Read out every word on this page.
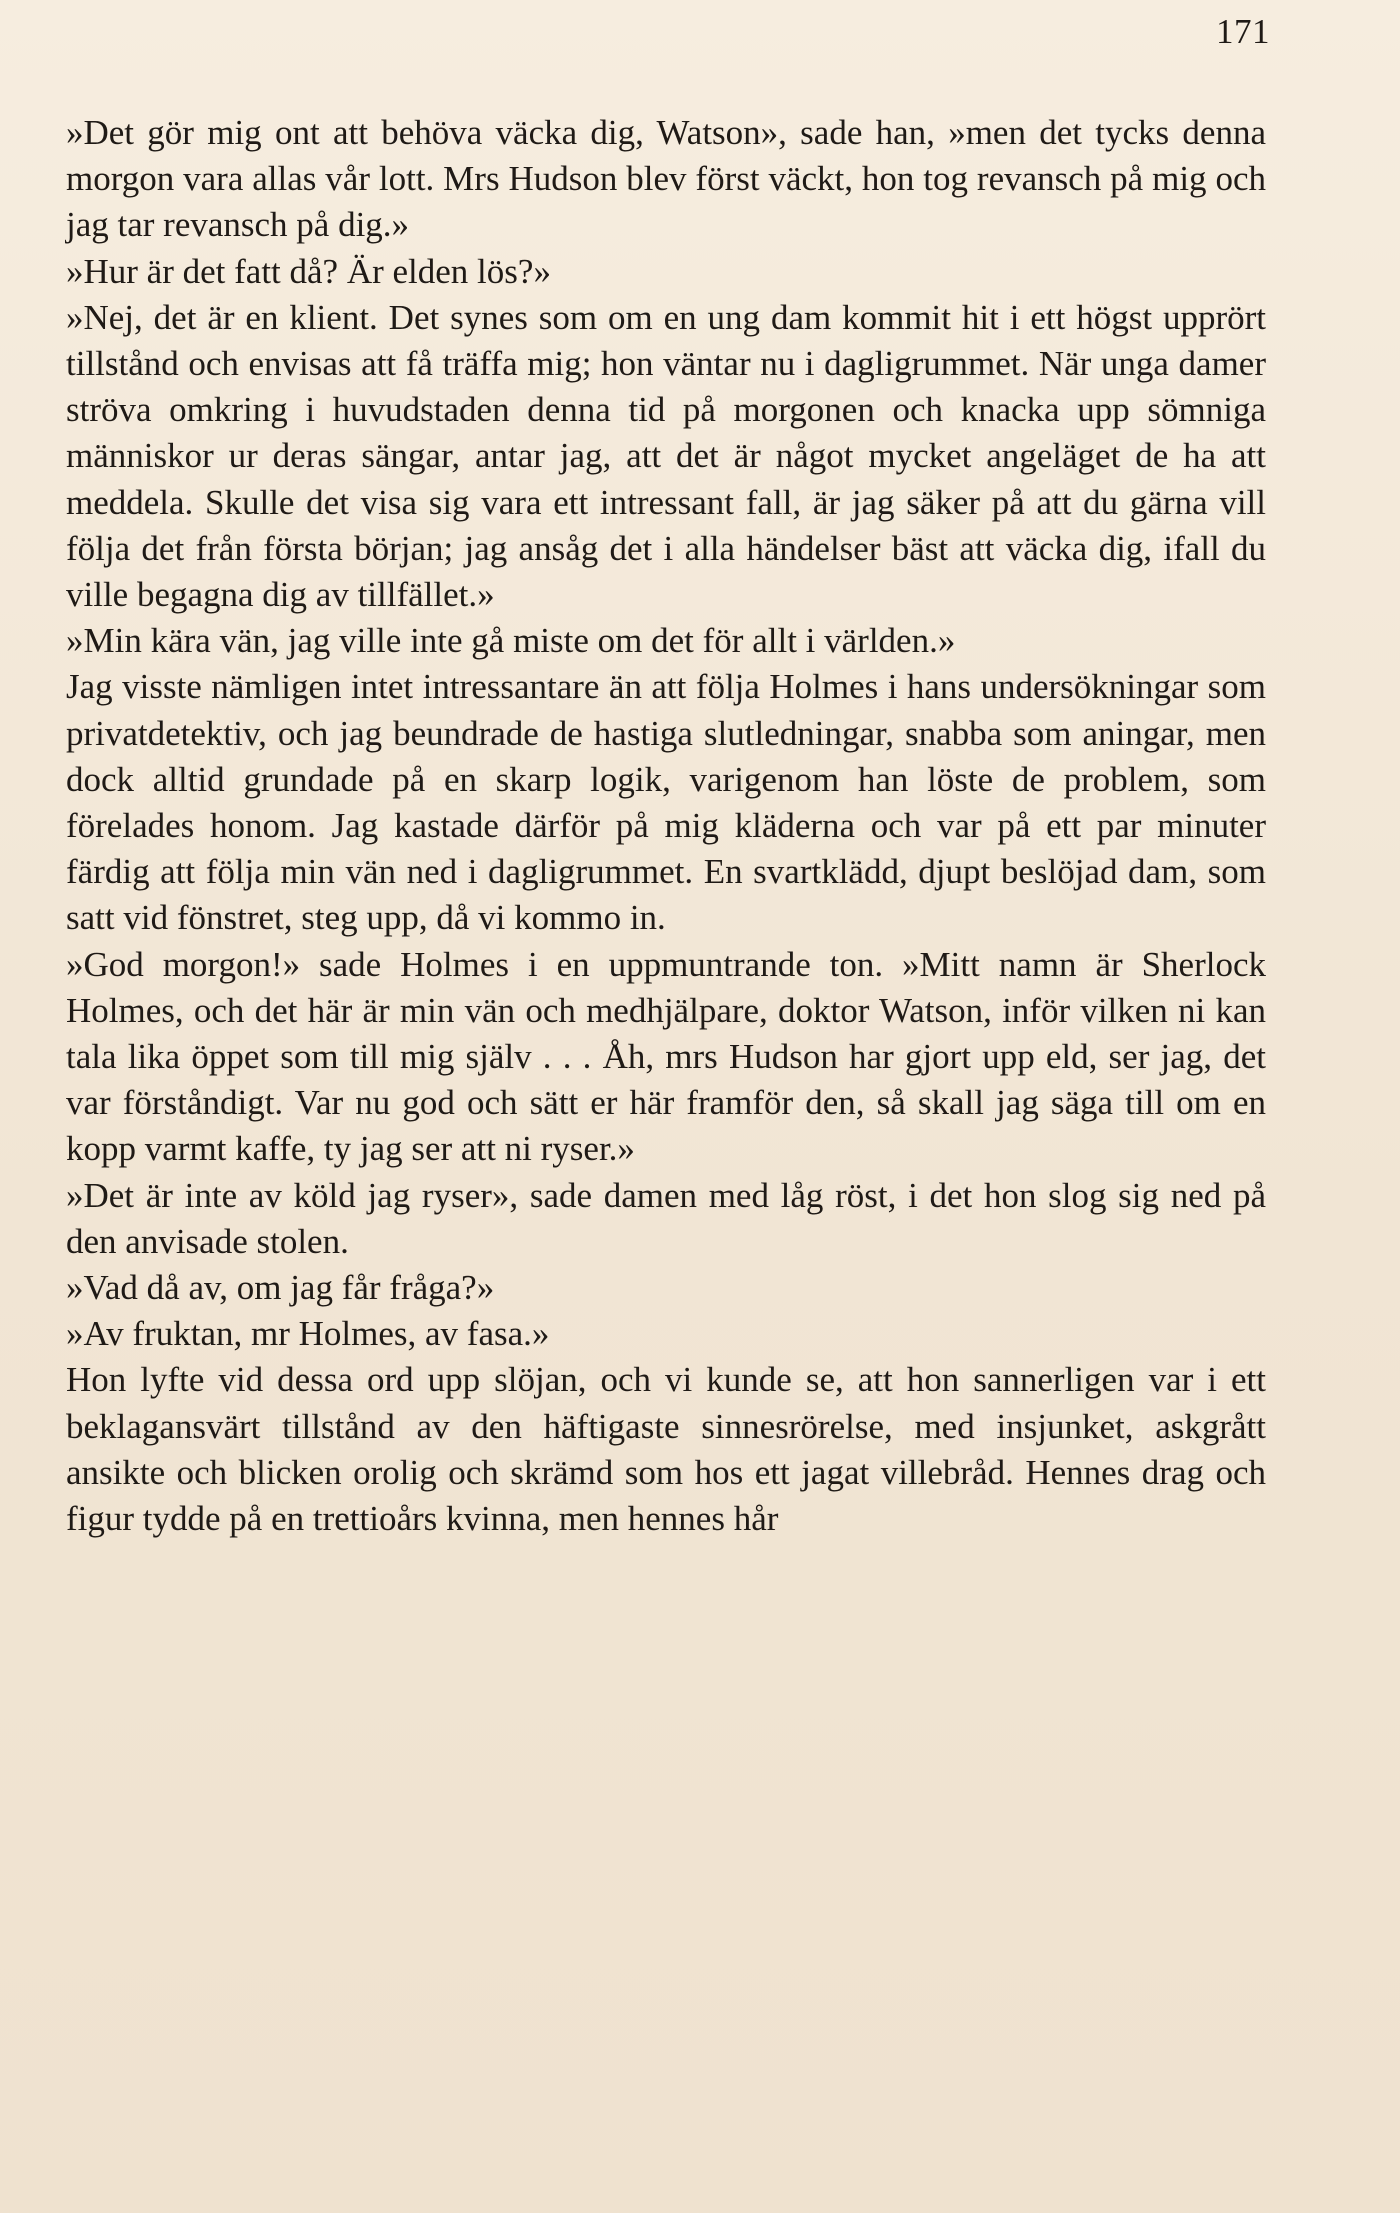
171

»Det gör mig ont att behöva väcka dig, Watson», sade han, »men det tycks denna morgon vara allas vår lott. Mrs Hudson blev först väckt, hon tog revansch på mig och jag tar revansch på dig.»

»Hur är det fatt då? Är elden lös?»

»Nej, det är en klient. Det synes som om en ung dam kommit hit i ett högst upprört tillstånd och envisas att få träffa mig; hon väntar nu i dagligrummet. När unga damer ströva omkring i huvudstaden denna tid på morgonen och knacka upp sömniga människor ur deras sängar, antar jag, att det är något mycket angeläget de ha att meddela. Skulle det visa sig vara ett intressant fall, är jag säker på att du gärna vill följa det från första början; jag ansåg det i alla händelser bäst att väcka dig, ifall du ville begagna dig av tillfället.»

»Min kära vän, jag ville inte gå miste om det för allt i världen.»

Jag visste nämligen intet intressantare än att följa Holmes i hans undersökningar som privatdetektiv, och jag beundrade de hastiga slutledningar, snabba som aningar, men dock alltid grundade på en skarp logik, varigenom han löste de problem, som förelades honom. Jag kastade därför på mig kläderna och var på ett par minuter färdig att följa min vän ned i dagligrummet. En svartklädd, djupt beslöjad dam, som satt vid fönstret, steg upp, då vi kommo in.

»God morgon!» sade Holmes i en uppmuntrande ton. »Mitt namn är Sherlock Holmes, och det här är min vän och medhjälpare, doktor Watson, inför vilken ni kan tala lika öppet som till mig själv . . . Åh, mrs Hudson har gjort upp eld, ser jag, det var förståndigt. Var nu god och sätt er här framför den, så skall jag säga till om en kopp varmt kaffe, ty jag ser att ni ryser.»

»Det är inte av köld jag ryser», sade damen med låg röst, i det hon slog sig ned på den anvisade stolen.

»Vad då av, om jag får fråga?»

»Av fruktan, mr Holmes, av fasa.»

Hon lyfte vid dessa ord upp slöjan, och vi kunde se, att hon sannerligen var i ett beklagansvärt tillstånd av den häftigaste sinnesrörelse, med insjunket, askgrått ansikte och blicken orolig och skrämd som hos ett jagat villebråd. Hennes drag och figur tydde på en trettioårs kvinna, men hennes hår
